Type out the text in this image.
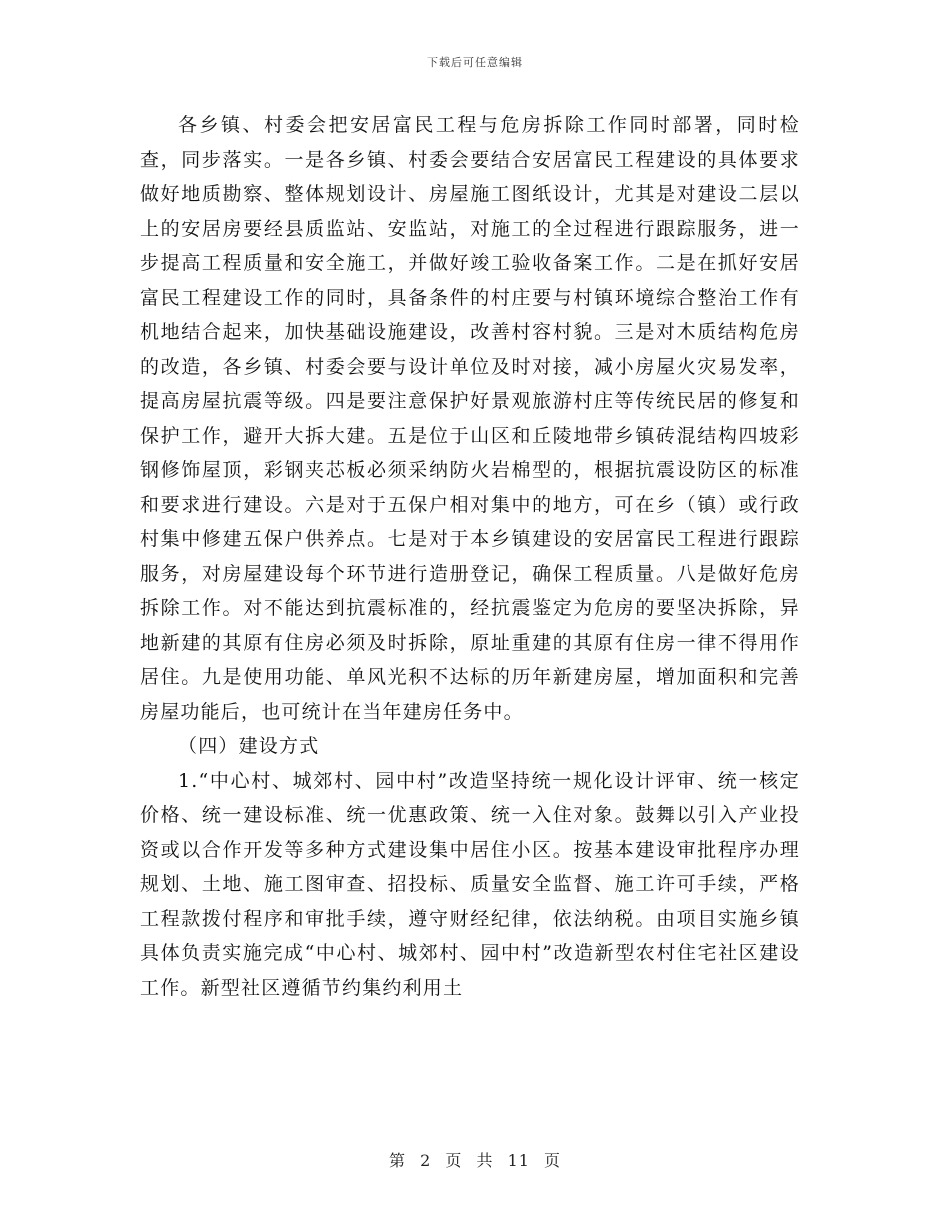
下载后可任意编辑

各乡镇、村委会把安居富民工程与危房拆除工作同时部署，同时检查，同步落实。一是各乡镇、村委会要结合安居富民工程建设的具体要求做好地质勘察、整体规划设计、房屋施工图纸设计，尤其是对建设二层以上的安居房要经县质监站、安监站，对施工的全过程进行跟踪服务，进一步提高工程质量和安全施工，并做好竣工验收备案工作。二是在抓好安居富民工程建设工作的同时，具备条件的村庄要与村镇环境综合整治工作有机地结合起来，加快基础设施建设，改善村容村貌。三是对木质结构危房的改造，各乡镇、村委会要与设计单位及时对接，减小房屋火灾易发率，提高房屋抗震等级。四是要注意保护好景观旅游村庄等传统民居的修复和保护工作，避开大拆大建。五是位于山区和丘陵地带乡镇砖混结构四坡彩钢修饰屋顶，彩钢夹芯板必须采纳防火岩棉型的，根据抗震设防区的标准和要求进行建设。六是对于五保户相对集中的地方，可在乡（镇）或行政村集中修建五保户供养点。七是对于本乡镇建设的安居富民工程进行跟踪服务，对房屋建设每个环节进行造册登记，确保工程质量。八是做好危房拆除工作。对不能达到抗震标准的，经抗震鉴定为危房的要坚决拆除，异地新建的其原有住房必须及时拆除，原址重建的其原有住房一律不得用作居住。九是使用功能、单风光积不达标的历年新建房屋，增加面积和完善房屋功能后，也可统计在当年建房任务中。

（四）建设方式

1.“中心村、城郊村、园中村”改造坚持统一规化设计评审、统一核定价格、统一建设标准、统一优惠政策、统一入住对象。鼓舞以引入产业投资或以合作开发等多种方式建设集中居住小区。按基本建设审批程序办理规划、土地、施工图审查、招投标、质量安全监督、施工许可手续，严格工程款拨付程序和审批手续，遵守财经纪律，依法纳税。由项目实施乡镇具体负责实施完成“中心村、城郊村、园中村”改造新型农村住宅社区建设工作。新型社区遵循节约集约利用土

第 2 页 共 11 页
